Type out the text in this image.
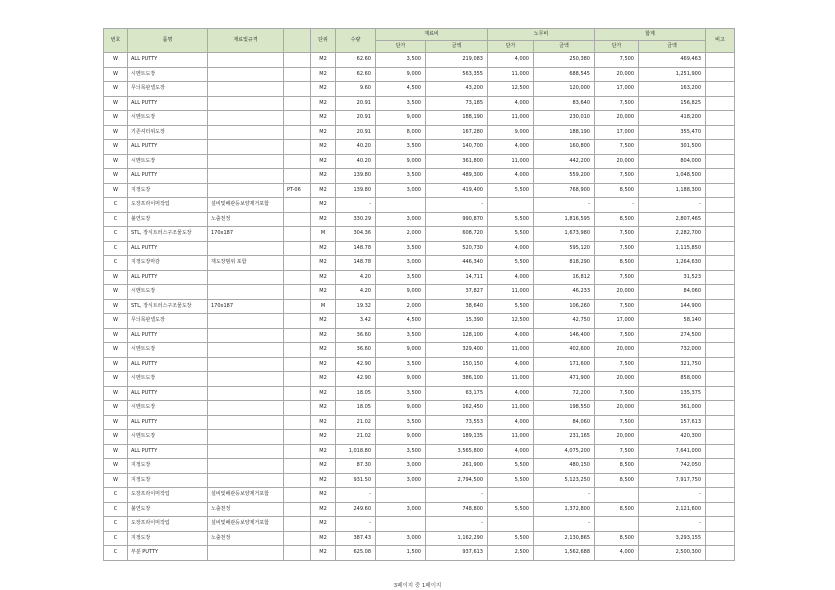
번호	품명	재료및규격		단위	수량	재료비		노무비		합계		비고
						단가	금액	단가	금액	단가	금액	
W	ALL PUTTY			M2	62.60	3,500	219,083	4,000	250,380	7,500	469,463	
W	시멘트도장			M2	62.60	9,000	563,355	11,000	688,545	20,000	1,251,900	
W	무늬목판넬도장			M2	9.60	4,500	43,200	12,500	120,000	17,000	163,200	
W	ALL PUTTY			M2	20.91	3,500	73,185	4,000	83,640	7,500	156,825	
W	시멘트도장			M2	20.91	9,000	188,190	11,000	230,010	20,000	418,200	
W	기존셔터위도장			M2	20.91	8,000	167,280	9,000	188,190	17,000	355,470	
W	ALL PUTTY			M2	40.20	3,500	140,700	4,000	160,800	7,500	301,500	
W	시멘트도장			M2	40.20	9,000	361,800	11,000	442,200	20,000	804,000	
W	ALL PUTTY			M2	139.80	3,500	489,300	4,000	559,200	7,500	1,048,500	
W	지정도장		PT-06	M2	139.80	3,000	419,400	5,500	768,900	8,500	1,188,300	
C	도장프라이머작업	설비및배관등보양제거포함		M2	-		-		-	-	-	
C	불연도장	노출천정		M2	330.29	3,000	990,870	5,500	1,816,595	8,500	2,807,465	
C	STL, 장식트러스구조물도장	170x187		M	304.36	2,000	608,720	5,500	1,673,980	7,500	2,282,700	
C	ALL PUTTY			M2	148.78	3,500	520,730	4,000	595,120	7,500	1,115,850	
C	지정도장마감	재도장범위 포함		M2	148.78	3,000	446,340	5,500	818,290	8,500	1,264,630	
W	ALL PUTTY			M2	4.20	3,500	14,711	4,000	16,812	7,500	31,523	
W	시멘트도장			M2	4.20	9,000	37,827	11,000	46,233	20,000	84,060	
W	STL, 장식트러스구조물도장	170x187		M	19.32	2,000	38,640	5,500	106,260	7,500	144,900	
W	무늬목판넬도장			M2	3.42	4,500	15,390	12,500	42,750	17,000	58,140	
W	ALL PUTTY			M2	36.60	3,500	128,100	4,000	146,400	7,500	274,500	
W	시멘트도장			M2	36.60	9,000	329,400	11,000	402,600	20,000	732,000	
W	ALL PUTTY			M2	42.90	3,500	150,150	4,000	171,600	7,500	321,750	
W	시멘트도장			M2	42.90	9,000	386,100	11,000	471,900	20,000	858,000	
W	ALL PUTTY			M2	18.05	3,500	63,175	4,000	72,200	7,500	135,375	
W	시멘트도장			M2	18.05	9,000	162,450	11,000	198,550	20,000	361,000	
W	ALL PUTTY			M2	21.02	3,500	73,553	4,000	84,060	7,500	157,613	
W	시멘트도장			M2	21.02	9,000	189,135	11,000	231,165	20,000	420,300	
W	ALL PUTTY			M2	1,018.80	3,500	3,565,800	4,000	4,075,200	7,500	7,641,000	
W	지정도장			M2	87.30	3,000	261,900	5,500	480,150	8,500	742,050	
W	지정도장			M2	931.50	3,000	2,794,500	5,500	5,123,250	8,500	7,917,750	
C	도장프라이머작업	설비및배관등보양제거포함		M2	-		-		-		-	
C	불연도장	노출천정		M2	249.60	3,000	748,800	5,500	1,372,800	8,500	2,121,600	
C	도장프라이머작업	설비및배관등보양제거포함		M2	-		-		-		-	
C	지정도장	노출천정		M2	387.43	3,000	1,162,290	5,500	2,130,865	8,500	3,293,155	
C	부분 PUTTY			M2	625.08	1,500	937,613	2,500	1,562,688	4,000	2,500,300	
3페이지 중 1페이지
